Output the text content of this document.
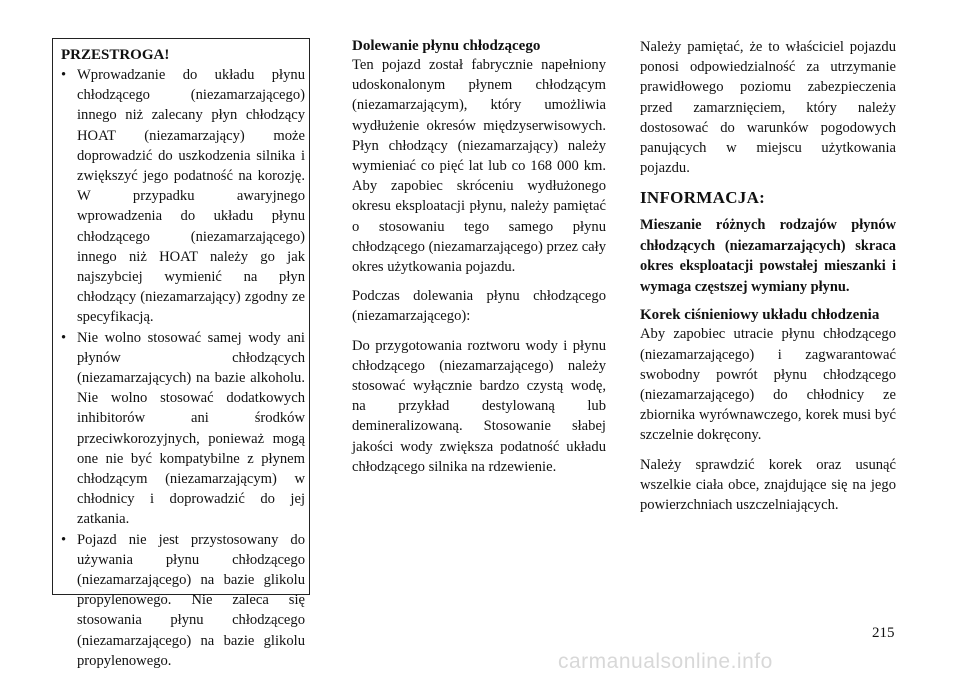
PRZESTROGA!
• Wprowadzanie do układu płynu chłodzącego (niezamarzającego) innego niż zalecany płyn chłodzący HOAT (niezamarzający) może doprowadzić do uszkodzenia silnika i zwiększyć jego podatność na korozję. W przypadku awaryjnego wprowadzenia do układu płynu chłodzącego (niezamarzającego) innego niż HOAT należy go jak najszybciej wymienić na płyn chłodzący (niezamarzający) zgodny ze specyfikacją.
• Nie wolno stosować samej wody ani płynów chłodzących (niezamarzających) na bazie alkoholu. Nie wolno stosować dodatkowych inhibitorów ani środków przeciwkorozyjnych, ponieważ mogą one nie być kompatybilne z płynem chłodzącym (niezamarzającym) w chłodnicy i doprowadzić do jej zatkania.
• Pojazd nie jest przystosowany do używania płynu chłodzącego (niezamarzającego) na bazie glikolu propylenowego. Nie zaleca się stosowania płynu chłodzącego (niezamarzającego) na bazie glikolu propylenowego.
Dolewanie płynu chłodzącego

Ten pojazd został fabrycznie napełniony udoskonalonym płynem chłodzącym (niezamarzającym), który umożliwia wydłużenie okresów międzyserwisowych. Płyn chłodzący (niezamarzający) należy wymieniać co pięć lat lub co 168 000 km. Aby zapobiec skróceniu wydłużonego okresu eksploatacji płynu, należy pamiętać o stosowaniu tego samego płynu chłodzącego (niezamarzającego) przez cały okres użytkowania pojazdu.

Podczas dolewania płynu chłodzącego (niezamarzającego):

Do przygotowania roztworu wody i płynu chłodzącego (niezamarzającego) należy stosować wyłącznie bardzo czystą wodę, na przykład destylowaną lub demineralizowaną. Stosowanie słabej jakości wody zwiększa podatność układu chłodzącego silnika na rdzewienie.

Należy pamiętać, że to właściciel pojazdu ponosi odpowiedzialność za utrzymanie prawidłowego poziomu zabezpieczenia przed zamarznięciem, który należy dostosować do warunków pogodowych panujących w miejscu użytkowania pojazdu.

INFORMACJA:

Mieszanie różnych rodzajów płynów chłodzących (niezamarzających) skraca okres eksploatacji powstałej mieszanki i wymaga częstszej wymiany płynu.

Korek ciśnieniowy układu chłodzenia

Aby zapobiec utracie płynu chłodzącego (niezamarzającego) i zagwarantować swobodny powrót płynu chłodzącego (niezamarzającego) do chłodnicy ze zbiornika wyrównawczego, korek musi być szczelnie dokręcony.

Należy sprawdzić korek oraz usunąć wszelkie ciała obce, znajdujące się na jego powierzchniach uszczelniających.

215
carmanualsonline.info
